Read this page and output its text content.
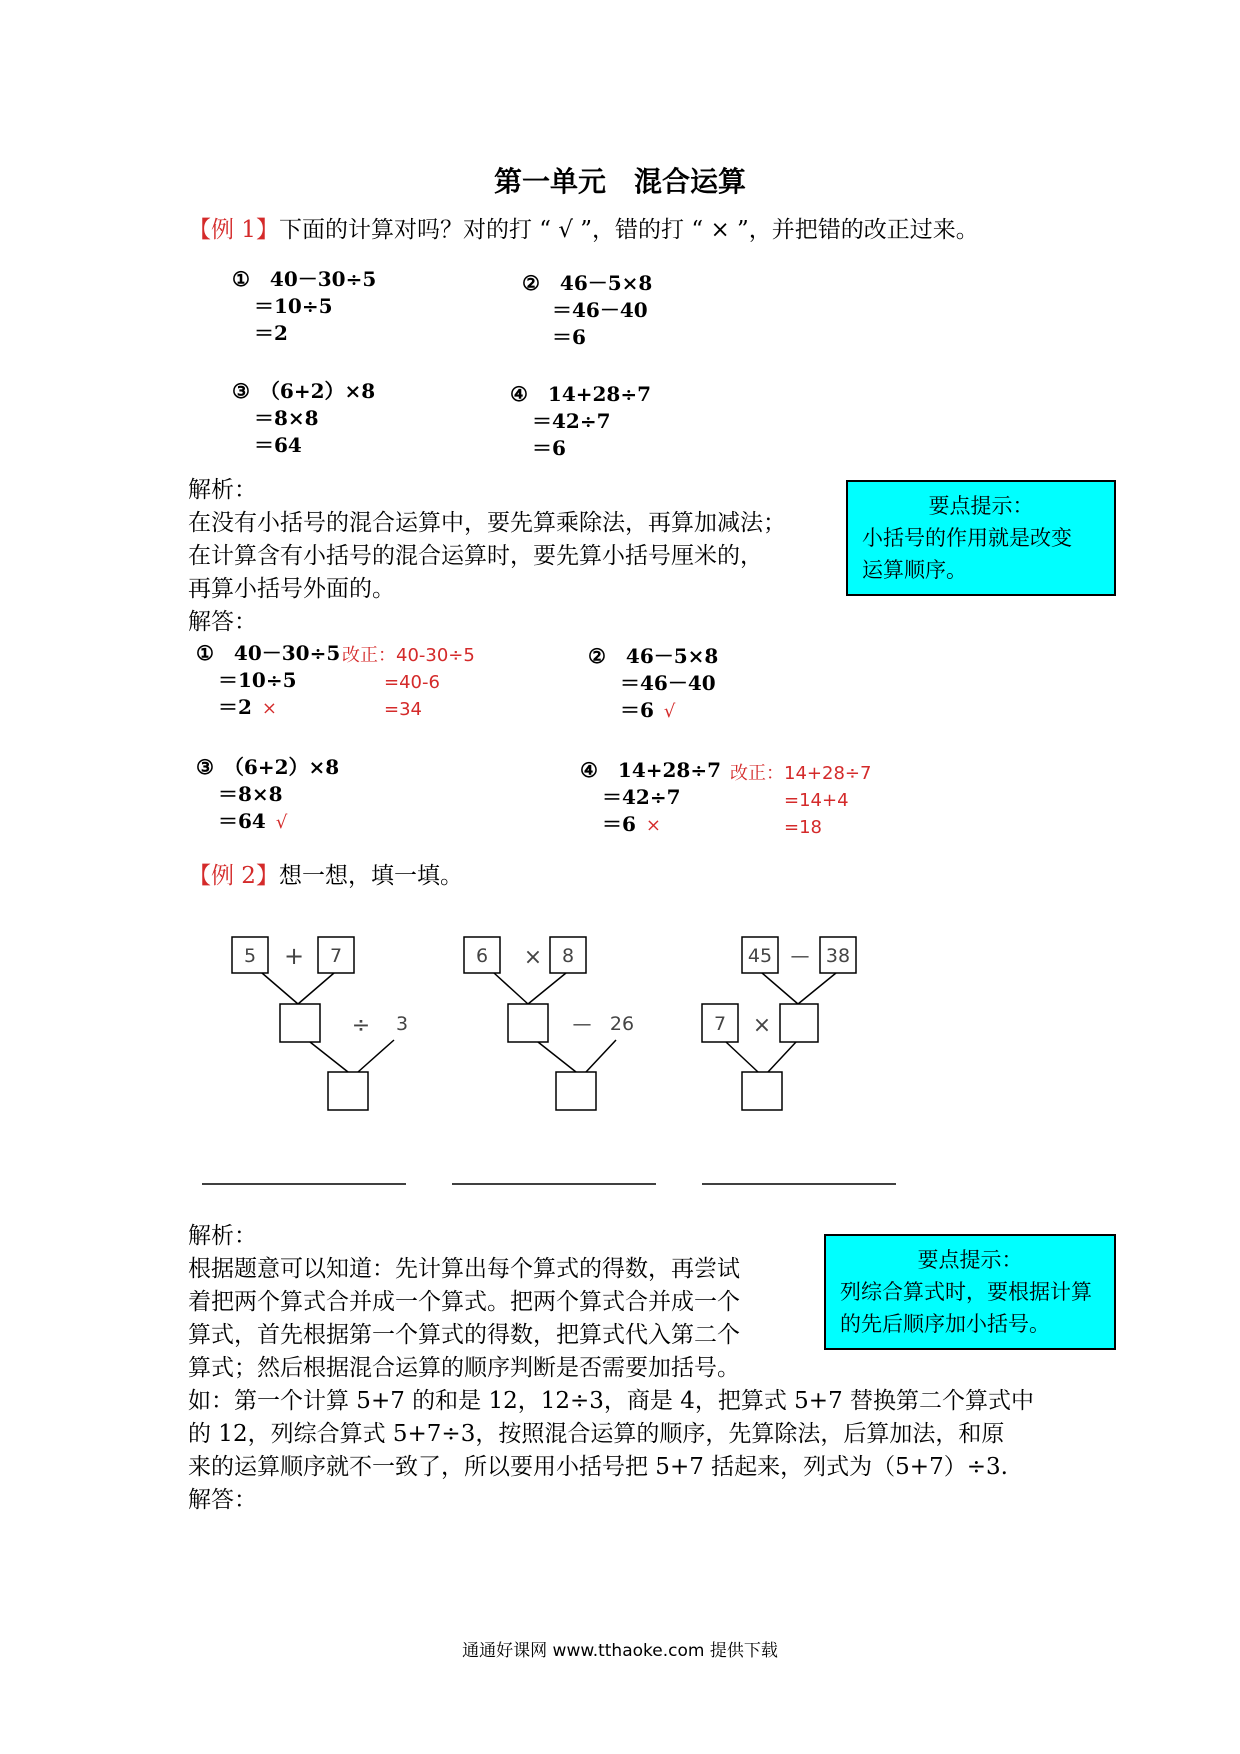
第一单元　混合运算
【例 1】下面的计算对吗？对的打 “ √ ”，错的打 “ × ”，并把错的改正过来。
①　40－30÷5
＝10÷5
＝2
②　46－5×8
＝46－40
＝6
③　（6+2）×8
＝8×8
＝64
④　14+28÷7
＝42÷7
＝6
解析：
在没有小括号的混合运算中，要先算乘除法，再算加减法；
在计算含有小括号的混合运算时，要先算小括号厘米的，
再算小括号外面的。
解答：
要点提示：
小括号的作用就是改变
运算顺序。
①　40－30÷5
＝10÷5
＝2 ×
改正：40-30÷5
=40-6
=34
②　46－5×8
＝46－40
＝6 √
③　（6+2）×8
＝8×8
＝64 √
④　14+28÷7
＝42÷7
＝6 ×
改正：14+28÷7
=14+4
=18
【例 2】想一想，填一填。
5 + 7
÷ 3
6 × 8
— 26
45 — 38
×
7
解析：
根据题意可以知道：先计算出每个算式的得数，再尝试
着把两个算式合并成一个算式。把两个算式合并成一个
算式，首先根据第一个算式的得数，把算式代入第二个
算式；然后根据混合运算的顺序判断是否需要加括号。
如：第一个计算 5+7 的和是 12，12÷3，商是 4，把算式 5+7 替换第二个算式中
的 12，列综合算式 5+7÷3，按照混合运算的顺序，先算除法，后算加法，和原
来的运算顺序就不一致了，所以要用小括号把 5+7 括起来，列式为（5+7）÷3.
解答：
要点提示：
列综合算式时，要根据计算
的先后顺序加小括号。
通通好课网 www.tthaoke.com 提供下载
